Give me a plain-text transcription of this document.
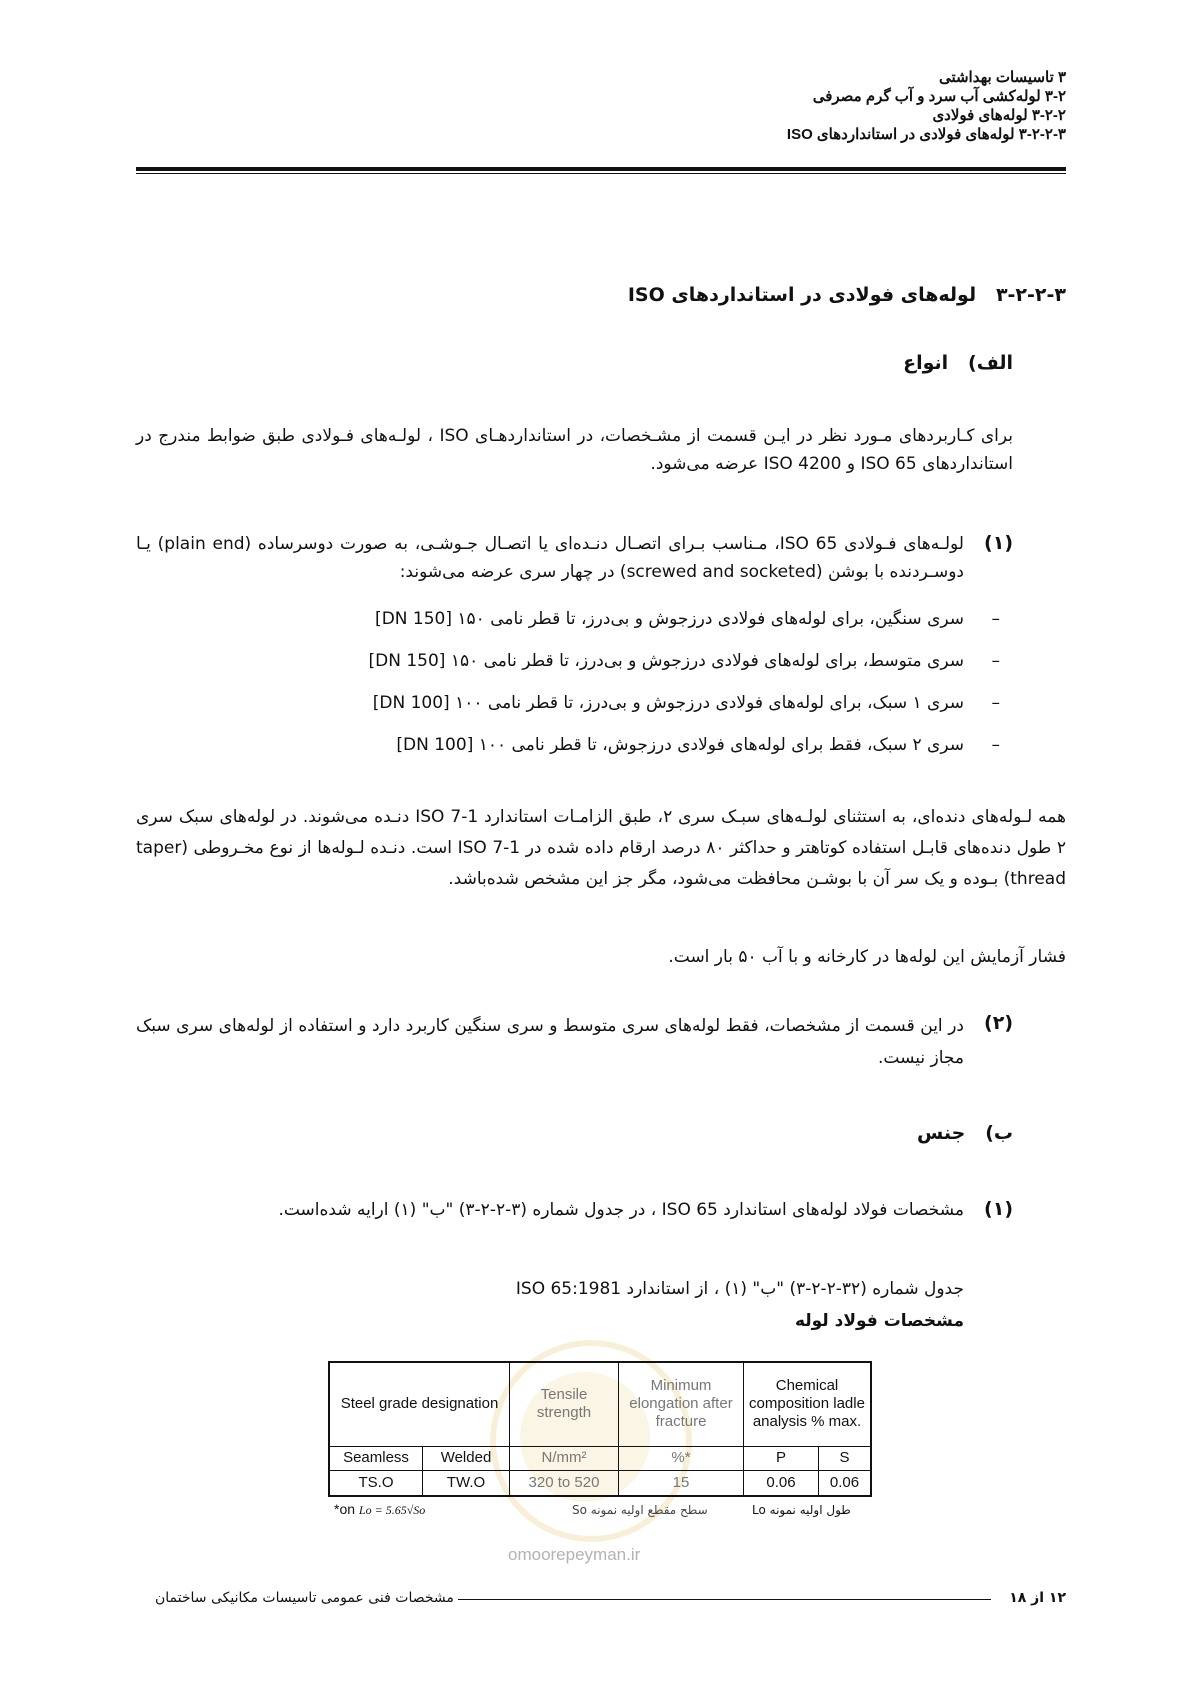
۳ تاسیسات بهداشتی
۳-۲ لوله‌کشی آب سرد و آب گرم مصرفی
۳-۲-۲ لوله‌های فولادی
۳-۲-۲-۳ لوله‌های فولادی در استانداردهای ISO
۳-۲-۲-۳   لوله‌های فولادی در استانداردهای ISO
الف)   انواع
برای کـاربردهای مـورد نظر در ایـن قسمت از مشـخصات، در استانداردهـای ISO ، لولـه‌های فـولادی طبق ضوابط مندرج در استانداردهای ISO 65 و ISO 4200 عرضه می‌شود.
(۱)
لولـه‌های فـولادی ISO 65، مـناسب بـرای اتصـال دنـده‌ای یا اتصـال جـوشـی، به صورت دوسرساده (plain end) یـا دوسـردنده با بوشن (screwed and socketed) در چهار سری عرضه می‌شوند:
–
سری سنگین، برای لوله‌های فولادی درزجوش و بی‌درز، تا قطر نامی ۱۵۰ [DN 150]
–
سری متوسط، برای لوله‌های فولادی درزجوش و بی‌درز، تا قطر نامی ۱۵۰ [DN 150]
–
سری ۱ سبک، برای لوله‌های فولادی درزجوش و بی‌درز، تا قطر نامی ۱۰۰ [DN 100]
–
سری ۲ سبک، فقط برای لوله‌های فولادی درزجوش، تا قطر نامی ۱۰۰ [DN 100]
همه لـوله‌های دنده‌ای، به استثنای لولـه‌های سبـک سری ۲، طبق الزامـات استاندارد ISO 7-1 دنـده می‌شوند. در لوله‌های سبک سری ۲ طول دنده‌های قابـل استفاده کوتاهتر و حداکثر ۸۰ درصد ارقام داده شده در ISO 7-1 است. دنـده لـوله‌ها از نوع مخـروطی (taper thread) بـوده و یک سر آن با بوشـن محافظت می‌شود، مگر جز این مشخص شده‌باشد.
فشار آزمایش این لوله‌ها در کارخانه و با آب ۵۰ بار است.
(۲)
در این قسمت از مشخصات، فقط لوله‌های سری متوسط و سری سنگین کاربرد دارد و استفاده از لوله‌های سری سبک مجاز نیست.
ب)   جنس
(۱)
مشخصات فولاد لوله‌های استاندارد ISO 65 ، در جدول شماره (۳-۲-۲-۳) "ب" (۱) ارایه شده‌است.
جدول شماره (۳۲-۲-۲-۳) "ب" (۱) ، از استاندارد ISO 65:1981
مشخصات فولاد لوله
Steel grade designation		Tensile strength	Minimum elongation after fracture	Chemical composition ladle analysis % max.	
Seamless	Welded	N/mm²	%*	P	S
TS.O	TW.O	320 to 520	15	0.06	0.06
*on Lo = 5.65√So	سطح مقطع اولیه نمونه So	طول اولیه نمونه Lo
omoorepeyman.ir
مشخصات فنی عمومی تاسیسات مکانیکی ساختمان	۱۲ از ۱۸
